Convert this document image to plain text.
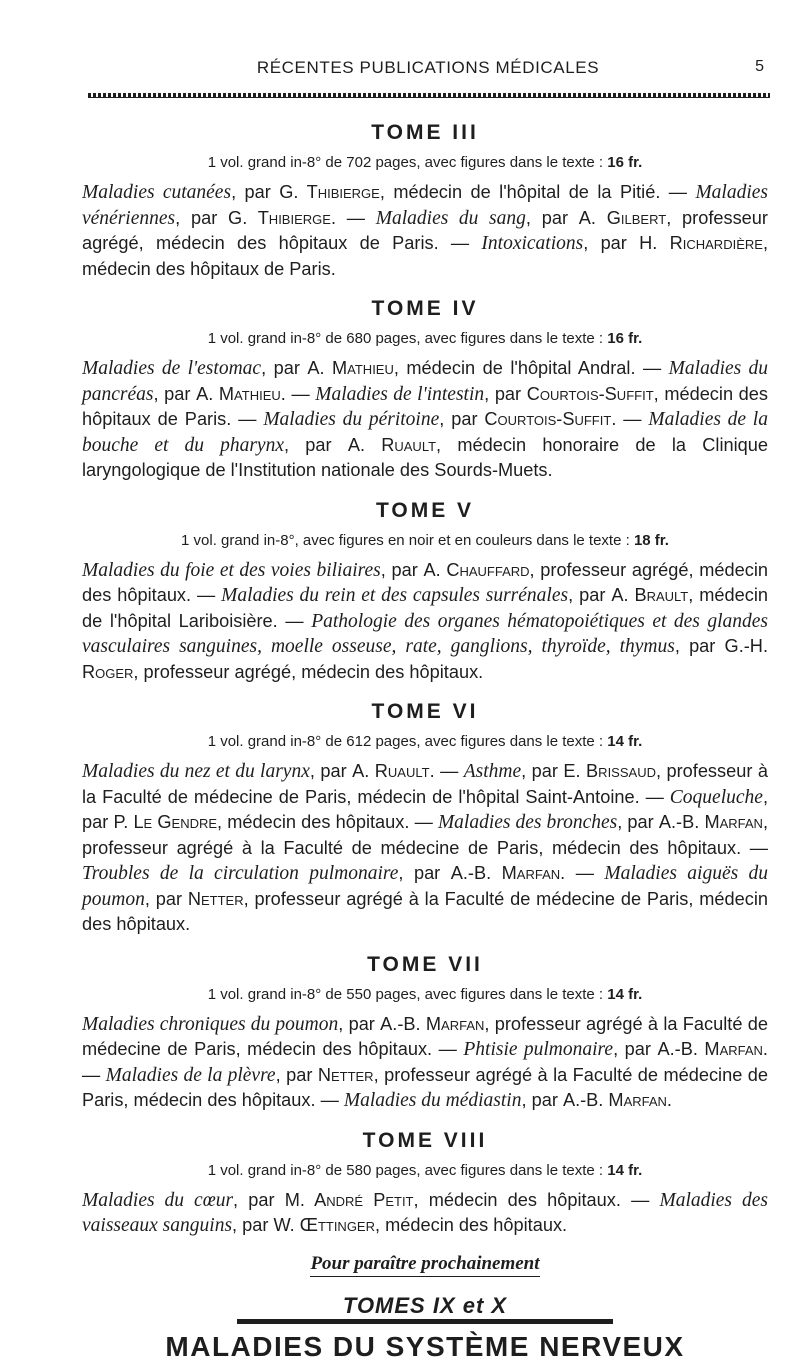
RÉCENTES PUBLICATIONS MÉDICALES	5
TOME III
1 vol. grand in-8° de 702 pages, avec figures dans le texte : 16 fr.
Maladies cutanées, par G. Thibierge, médecin de l'hôpital de la Pitié. — Maladies vénériennes, par G. Thibierge. — Maladies du sang, par A. Gilbert, professeur agrégé, médecin des hôpitaux de Paris. — Intoxications, par H. Richardière, médecin des hôpitaux de Paris.
TOME IV
1 vol. grand in-8° de 680 pages, avec figures dans le texte : 16 fr.
Maladies de l'estomac, par A. Mathieu, médecin de l'hôpital Andral. — Maladies du pancréas, par A. Mathieu. — Maladies de l'intestin, par Courtois-Suffit, médecin des hôpitaux de Paris. — Maladies du péritoine, par Courtois-Suffit. — Maladies de la bouche et du pharynx, par A. Ruault, médecin honoraire de la Clinique laryngologique de l'Institution nationale des Sourds-Muets.
TOME V
1 vol. grand in-8°, avec figures en noir et en couleurs dans le texte : 18 fr.
Maladies du foie et des voies biliaires, par A. Chauffard, professeur agrégé, médecin des hôpitaux. — Maladies du rein et des capsules surrénales, par A. Brault, médecin de l'hôpital Lariboisière. — Pathologie des organes hématopoiétiques et des glandes vasculaires sanguines, moelle osseuse, rate, ganglions, thyroïde, thymus, par G.-H. Roger, professeur agrégé, médecin des hôpitaux.
TOME VI
1 vol. grand in-8° de 612 pages, avec figures dans le texte : 14 fr.
Maladies du nez et du larynx, par A. Ruault. — Asthme, par E. Brissaud, professeur à la Faculté de médecine de Paris, médecin de l'hôpital Saint-Antoine. — Coqueluche, par P. Le Gendre, médecin des hôpitaux. — Maladies des bronches, par A.-B. Marfan, professeur agrégé à la Faculté de médecine de Paris, médecin des hôpitaux. — Troubles de la circulation pulmonaire, par A.-B. Marfan. — Maladies aiguës du poumon, par Netter, professeur agrégé à la Faculté de médecine de Paris, médecin des hôpitaux.
TOME VII
1 vol. grand in-8° de 550 pages, avec figures dans le texte : 14 fr.
Maladies chroniques du poumon, par A.-B. Marfan, professeur agrégé à la Faculté de médecine de Paris, médecin des hôpitaux. — Phtisie pulmonaire, par A.-B. Marfan. — Maladies de la plèvre, par Netter, professeur agrégé à la Faculté de médecine de Paris, médecin des hôpitaux. — Maladies du médiastin, par A.-B. Marfan.
TOME VIII
1 vol. grand in-8° de 580 pages, avec figures dans le texte : 14 fr.
Maladies du cœur, par M. André Petit, médecin des hôpitaux. — Maladies des vaisseaux sanguins, par W. Œttinger, médecin des hôpitaux.
Pour paraître prochainement
TOMES IX et X
MALADIES DU SYSTÈME NERVEUX
